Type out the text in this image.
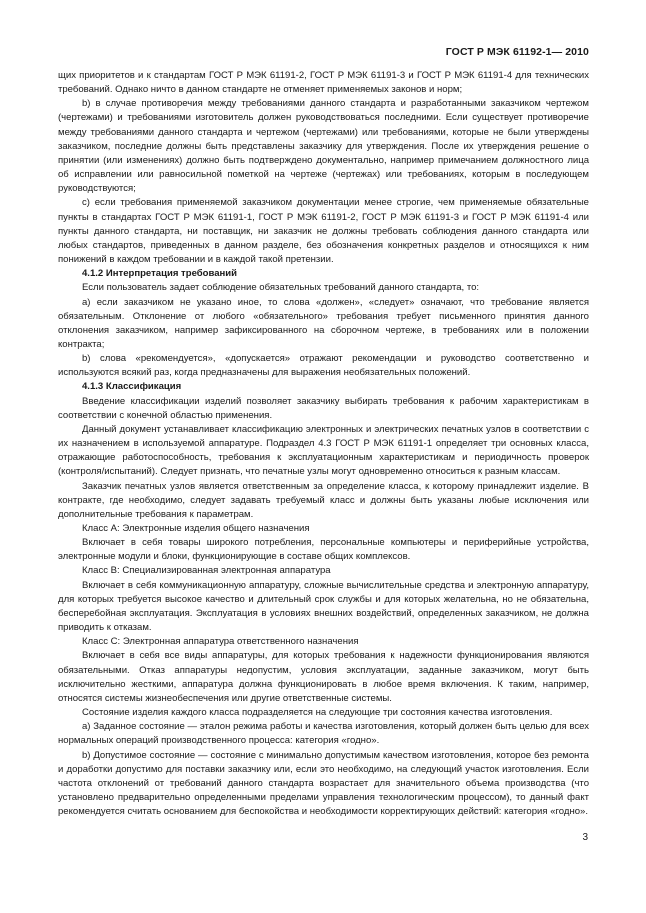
ГОСТ Р МЭК 61192-1— 2010

щих приоритетов и к стандартам ГОСТ Р МЭК 61191-2, ГОСТ Р МЭК 61191-3 и ГОСТ Р МЭК 61191-4 для технических требований. Однако ничто в данном стандарте не отменяет применяемых законов и норм;

b) в случае противоречия между требованиями данного стандарта и разработанными заказчиком чертежом (чертежами) и требованиями изготовитель должен руководствоваться последними. Если существует противоречие между требованиями данного стандарта и чертежом (чертежами) или требованиями, которые не были утверждены заказчиком, последние должны быть представлены заказчику для утверждения. После их утверждения решение о принятии (или изменениях) должно быть подтверждено документально, например примечанием должностного лица об исправлении или равносильной пометкой на чертеже (чертежах) или требованиях, которым в последующем руководствуются;

c) если требования применяемой заказчиком документации менее строгие, чем применяемые обязательные пункты в стандартах ГОСТ Р МЭК 61191-1, ГОСТ Р МЭК 61191-2, ГОСТ Р МЭК 61191-3 и ГОСТ Р МЭК 61191-4 или пункты данного стандарта, ни поставщик, ни заказчик не должны требовать соблюдения данного стандарта или любых стандартов, приведенных в данном разделе, без обозначения конкретных разделов и относящихся к ним понижений в каждом требовании и в каждой такой претензии.

4.1.2 Интерпретация требований

Если пользователь задает соблюдение обязательных требований данного стандарта, то:

a) если заказчиком не указано иное, то слова «должен», «следует» означают, что требование является обязательным. Отклонение от любого «обязательного» требования требует письменного принятия данного отклонения заказчиком, например зафиксированного на сборочном чертеже, в требованиях или в положении контракта;

b) слова «рекомендуется», «допускается» отражают рекомендации и руководство соответственно и используются всякий раз, когда предназначены для выражения необязательных положений.

4.1.3 Классификация

Введение классификации изделий позволяет заказчику выбирать требования к рабочим характеристикам в соответствии с конечной областью применения.

Данный документ устанавливает классификацию электронных и электрических печатных узлов в соответствии с их назначением в используемой аппаратуре. Подраздел 4.3 ГОСТ Р МЭК 61191-1 определяет три основных класса, отражающие работоспособность, требования к эксплуатационным характеристикам и периодичность проверок (контроля/испытаний). Следует признать, что печатные узлы могут одновременно относиться к разным классам.

Заказчик печатных узлов является ответственным за определение класса, к которому принадлежит изделие. В контракте, где необходимо, следует задавать требуемый класс и должны быть указаны любые исключения или дополнительные требования к параметрам.

Класс A: Электронные изделия общего назначения

Включает в себя товары широкого потребления, персональные компьютеры и периферийные устройства, электронные модули и блоки, функционирующие в составе общих комплексов.

Класс B: Специализированная электронная аппаратура

Включает в себя коммуникационную аппаратуру, сложные вычислительные средства и электронную аппаратуру, для которых требуется высокое качество и длительный срок службы и для которых желательна, но не обязательна, бесперебойная эксплуатация. Эксплуатация в условиях внешних воздействий, определенных заказчиком, не должна приводить к отказам.

Класс C: Электронная аппаратура ответственного назначения

Включает в себя все виды аппаратуры, для которых требования к надежности функционирования являются обязательными. Отказ аппаратуры недопустим, условия эксплуатации, заданные заказчиком, могут быть исключительно жесткими, аппаратура должна функционировать в любое время включения. К таким, например, относятся системы жизнеобеспечения или другие ответственные системы.

Состояние изделия каждого класса подразделяется на следующие три состояния качества изготовления.

a) Заданное состояние — эталон режима работы и качества изготовления, который должен быть целью для всех нормальных операций производственного процесса: категория «годно».

b) Допустимое состояние — состояние с минимально допустимым качеством изготовления, которое без ремонта и доработки допустимо для поставки заказчику или, если это необходимо, на следующий участок изготовления. Если частота отклонений от требований данного стандарта возрастает для значительного объема производства (что установлено предварительно определенными пределами управления технологическим процессом), то данный факт рекомендуется считать основанием для беспокойства и необходимости корректирующих действий: категория «годно».

3
